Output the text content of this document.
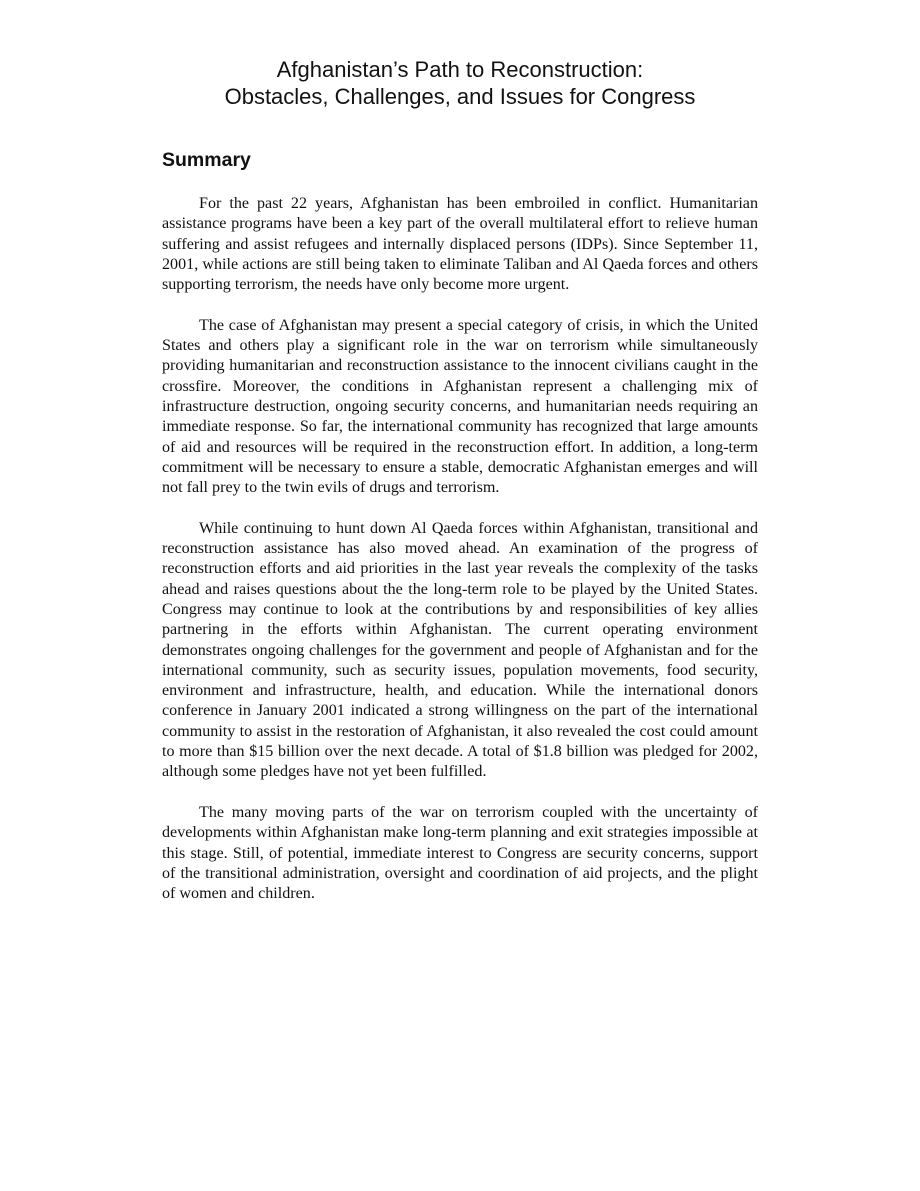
Afghanistan’s Path to Reconstruction:
Obstacles, Challenges, and Issues for Congress
Summary

For the past 22 years, Afghanistan has been embroiled in conflict. Humanitarian assistance programs have been a key part of the overall multilateral effort to relieve human suffering and assist refugees and internally displaced persons (IDPs). Since September 11, 2001, while actions are still being taken to eliminate Taliban and Al Qaeda forces and others supporting terrorism, the needs have only become more urgent.

The case of Afghanistan may present a special category of crisis, in which the United States and others play a significant role in the war on terrorism while simultaneously providing humanitarian and reconstruction assistance to the innocent civilians caught in the crossfire. Moreover, the conditions in Afghanistan represent a challenging mix of infrastructure destruction, ongoing security concerns, and humanitarian needs requiring an immediate response. So far, the international community has recognized that large amounts of aid and resources will be required in the reconstruction effort. In addition, a long-term commitment will be necessary to ensure a stable, democratic Afghanistan emerges and will not fall prey to the twin evils of drugs and terrorism.

While continuing to hunt down Al Qaeda forces within Afghanistan, transitional and reconstruction assistance has also moved ahead. An examination of the progress of reconstruction efforts and aid priorities in the last year reveals the complexity of the tasks ahead and raises questions about the the long-term role to be played by the United States. Congress may continue to look at the contributions by and responsibilities of key allies partnering in the efforts within Afghanistan. The current operating environment demonstrates ongoing challenges for the government and people of Afghanistan and for the international community, such as security issues, population movements, food security, environment and infrastructure, health, and education. While the international donors conference in January 2001 indicated a strong willingness on the part of the international community to assist in the restoration of Afghanistan, it also revealed the cost could amount to more than $15 billion over the next decade. A total of $1.8 billion was pledged for 2002, although some pledges have not yet been fulfilled.

The many moving parts of the war on terrorism coupled with the uncertainty of developments within Afghanistan make long-term planning and exit strategies impossible at this stage. Still, of potential, immediate interest to Congress are security concerns, support of the transitional administration, oversight and coordination of aid projects, and the plight of women and children.
